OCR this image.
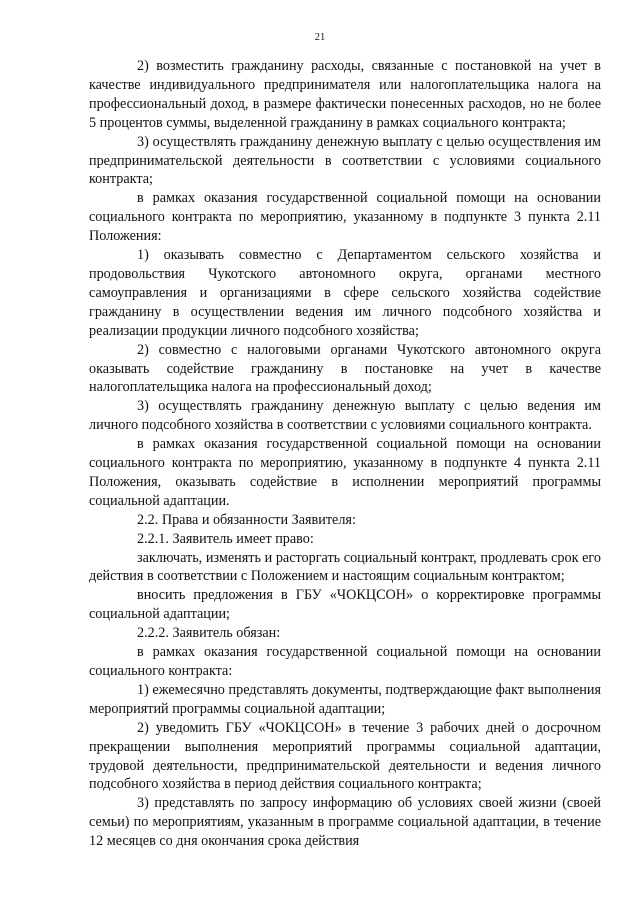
21

2) возместить гражданину расходы, связанные с постановкой на учет в качестве индивидуального предпринимателя или налогоплательщика налога на профессиональный доход, в размере фактически понесенных расходов, но не более 5 процентов суммы, выделенной гражданину в рамках социального контракта;

3) осуществлять гражданину денежную выплату с целью осуществления им предпринимательской деятельности в соответствии с условиями социального контракта;

в рамках оказания государственной социальной помощи на основании социального контракта по мероприятию, указанному в подпункте 3 пункта 2.11 Положения:

1) оказывать совместно с Департаментом сельского хозяйства и продовольствия Чукотского автономного округа, органами местного самоуправления и организациями в сфере сельского хозяйства содействие гражданину в осуществлении ведения им личного подсобного хозяйства и реализации продукции личного подсобного хозяйства;

2) совместно с налоговыми органами Чукотского автономного округа оказывать содействие гражданину в постановке на учет в качестве налогоплательщика налога на профессиональный доход;

3) осуществлять гражданину денежную выплату с целью ведения им личного подсобного хозяйства в соответствии с условиями социального контракта.

в рамках оказания государственной социальной помощи на основании социального контракта по мероприятию, указанному в подпункте 4 пункта 2.11 Положения, оказывать содействие в исполнении мероприятий программы социальной адаптации.

2.2. Права и обязанности Заявителя:

2.2.1. Заявитель имеет право:

заключать, изменять и расторгать социальный контракт, продлевать срок его действия в соответствии с Положением и настоящим социальным контрактом;

вносить предложения в ГБУ «ЧОКЦСОН» о корректировке программы социальной адаптации;

2.2.2. Заявитель обязан:

в рамках оказания государственной социальной помощи на основании социального контракта:

1) ежемесячно представлять документы, подтверждающие факт выполнения мероприятий программы социальной адаптации;

2) уведомить ГБУ «ЧОКЦСОН» в течение 3 рабочих дней о досрочном прекращении выполнения мероприятий программы социальной адаптации, трудовой деятельности, предпринимательской деятельности и ведения личного подсобного хозяйства в период действия социального контракта;

3) представлять по запросу информацию об условиях своей жизни (своей семьи) по мероприятиям, указанным в программе социальной адаптации, в течение 12 месяцев со дня окончания срока действия
